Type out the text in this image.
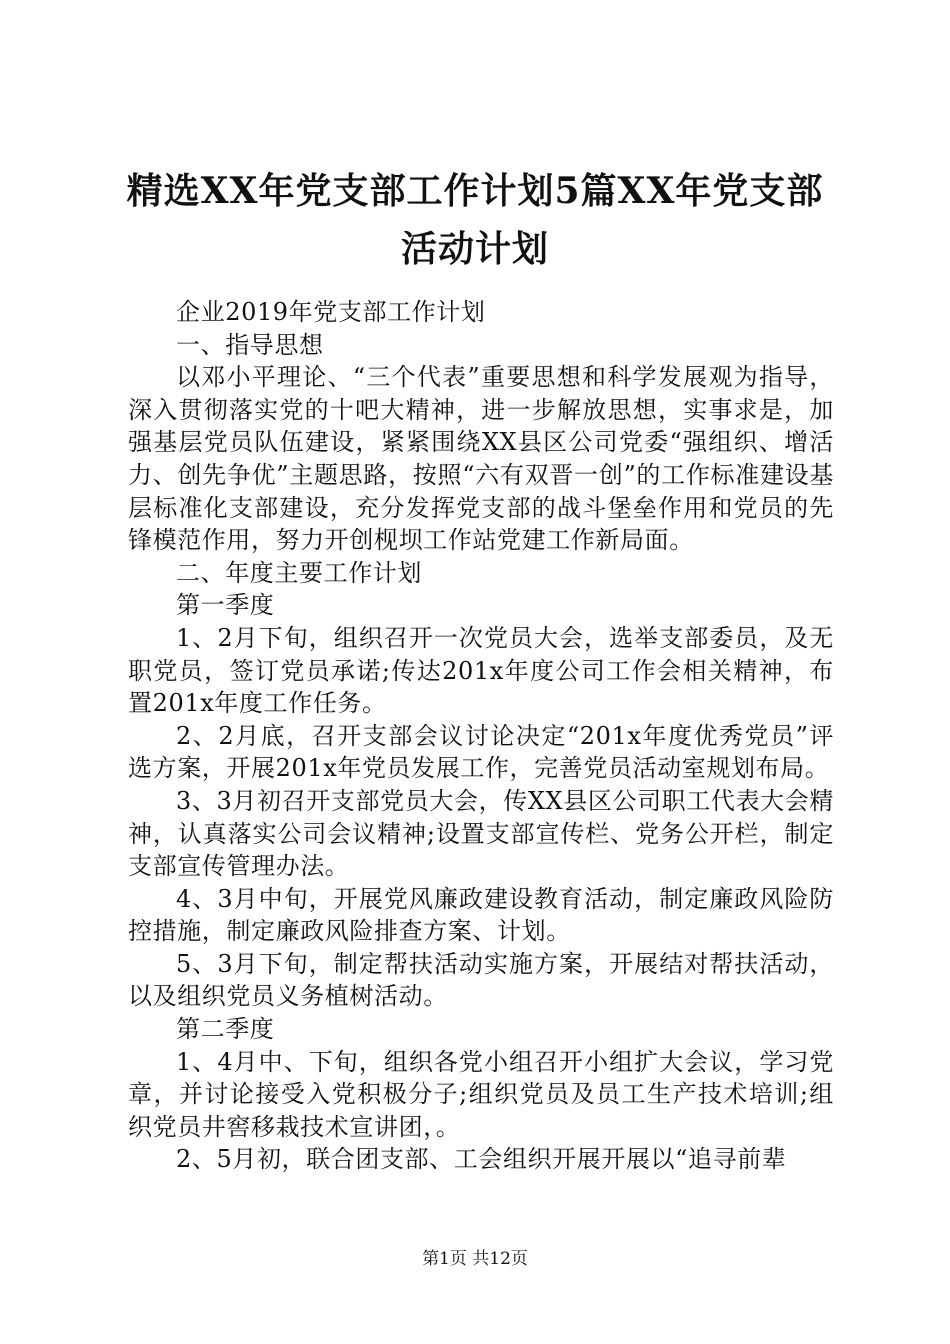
精选XX年党支部工作计划5篇XX年党支部活动计划

企业2019年党支部工作计划

一、指导思想

以邓小平理论、“三个代表”重要思想和科学发展观为指导，深入贯彻落实党的十吧大精神，进一步解放思想，实事求是，加强基层党员队伍建设，紧紧围绕XX县区公司党委“强组织、增活力、创先争优”主题思路，按照“六有双晋一创”的工作标准建设基层标准化支部建设，充分发挥党支部的战斗堡垒作用和党员的先锋模范作用，努力开创枧坝工作站党建工作新局面。

二、年度主要工作计划

第一季度

1、2月下旬，组织召开一次党员大会，选举支部委员，及无职党员，签订党员承诺;传达201x年度公司工作会相关精神，布置201x年度工作任务。

2、2月底，召开支部会议讨论决定“201x年度优秀党员”评选方案，开展201x年党员发展工作，完善党员活动室规划布局。

3、3月初召开支部党员大会，传XX县区公司职工代表大会精神，认真落实公司会议精神;设置支部宣传栏、党务公开栏，制定支部宣传管理办法。

4、3月中旬，开展党风廉政建设教育活动，制定廉政风险防控措施，制定廉政风险排查方案、计划。

5、3月下旬，制定帮扶活动实施方案，开展结对帮扶活动，以及组织党员义务植树活动。

第二季度

1、4月中、下旬，组织各党小组召开小组扩大会议，学习党章，并讨论接受入党积极分子;组织党员及员工生产技术培训;组织党员井窖移栽技术宣讲团，。

2、5月初，联合团支部、工会组织开展开展以“追寻前辈

第1页 共12页
